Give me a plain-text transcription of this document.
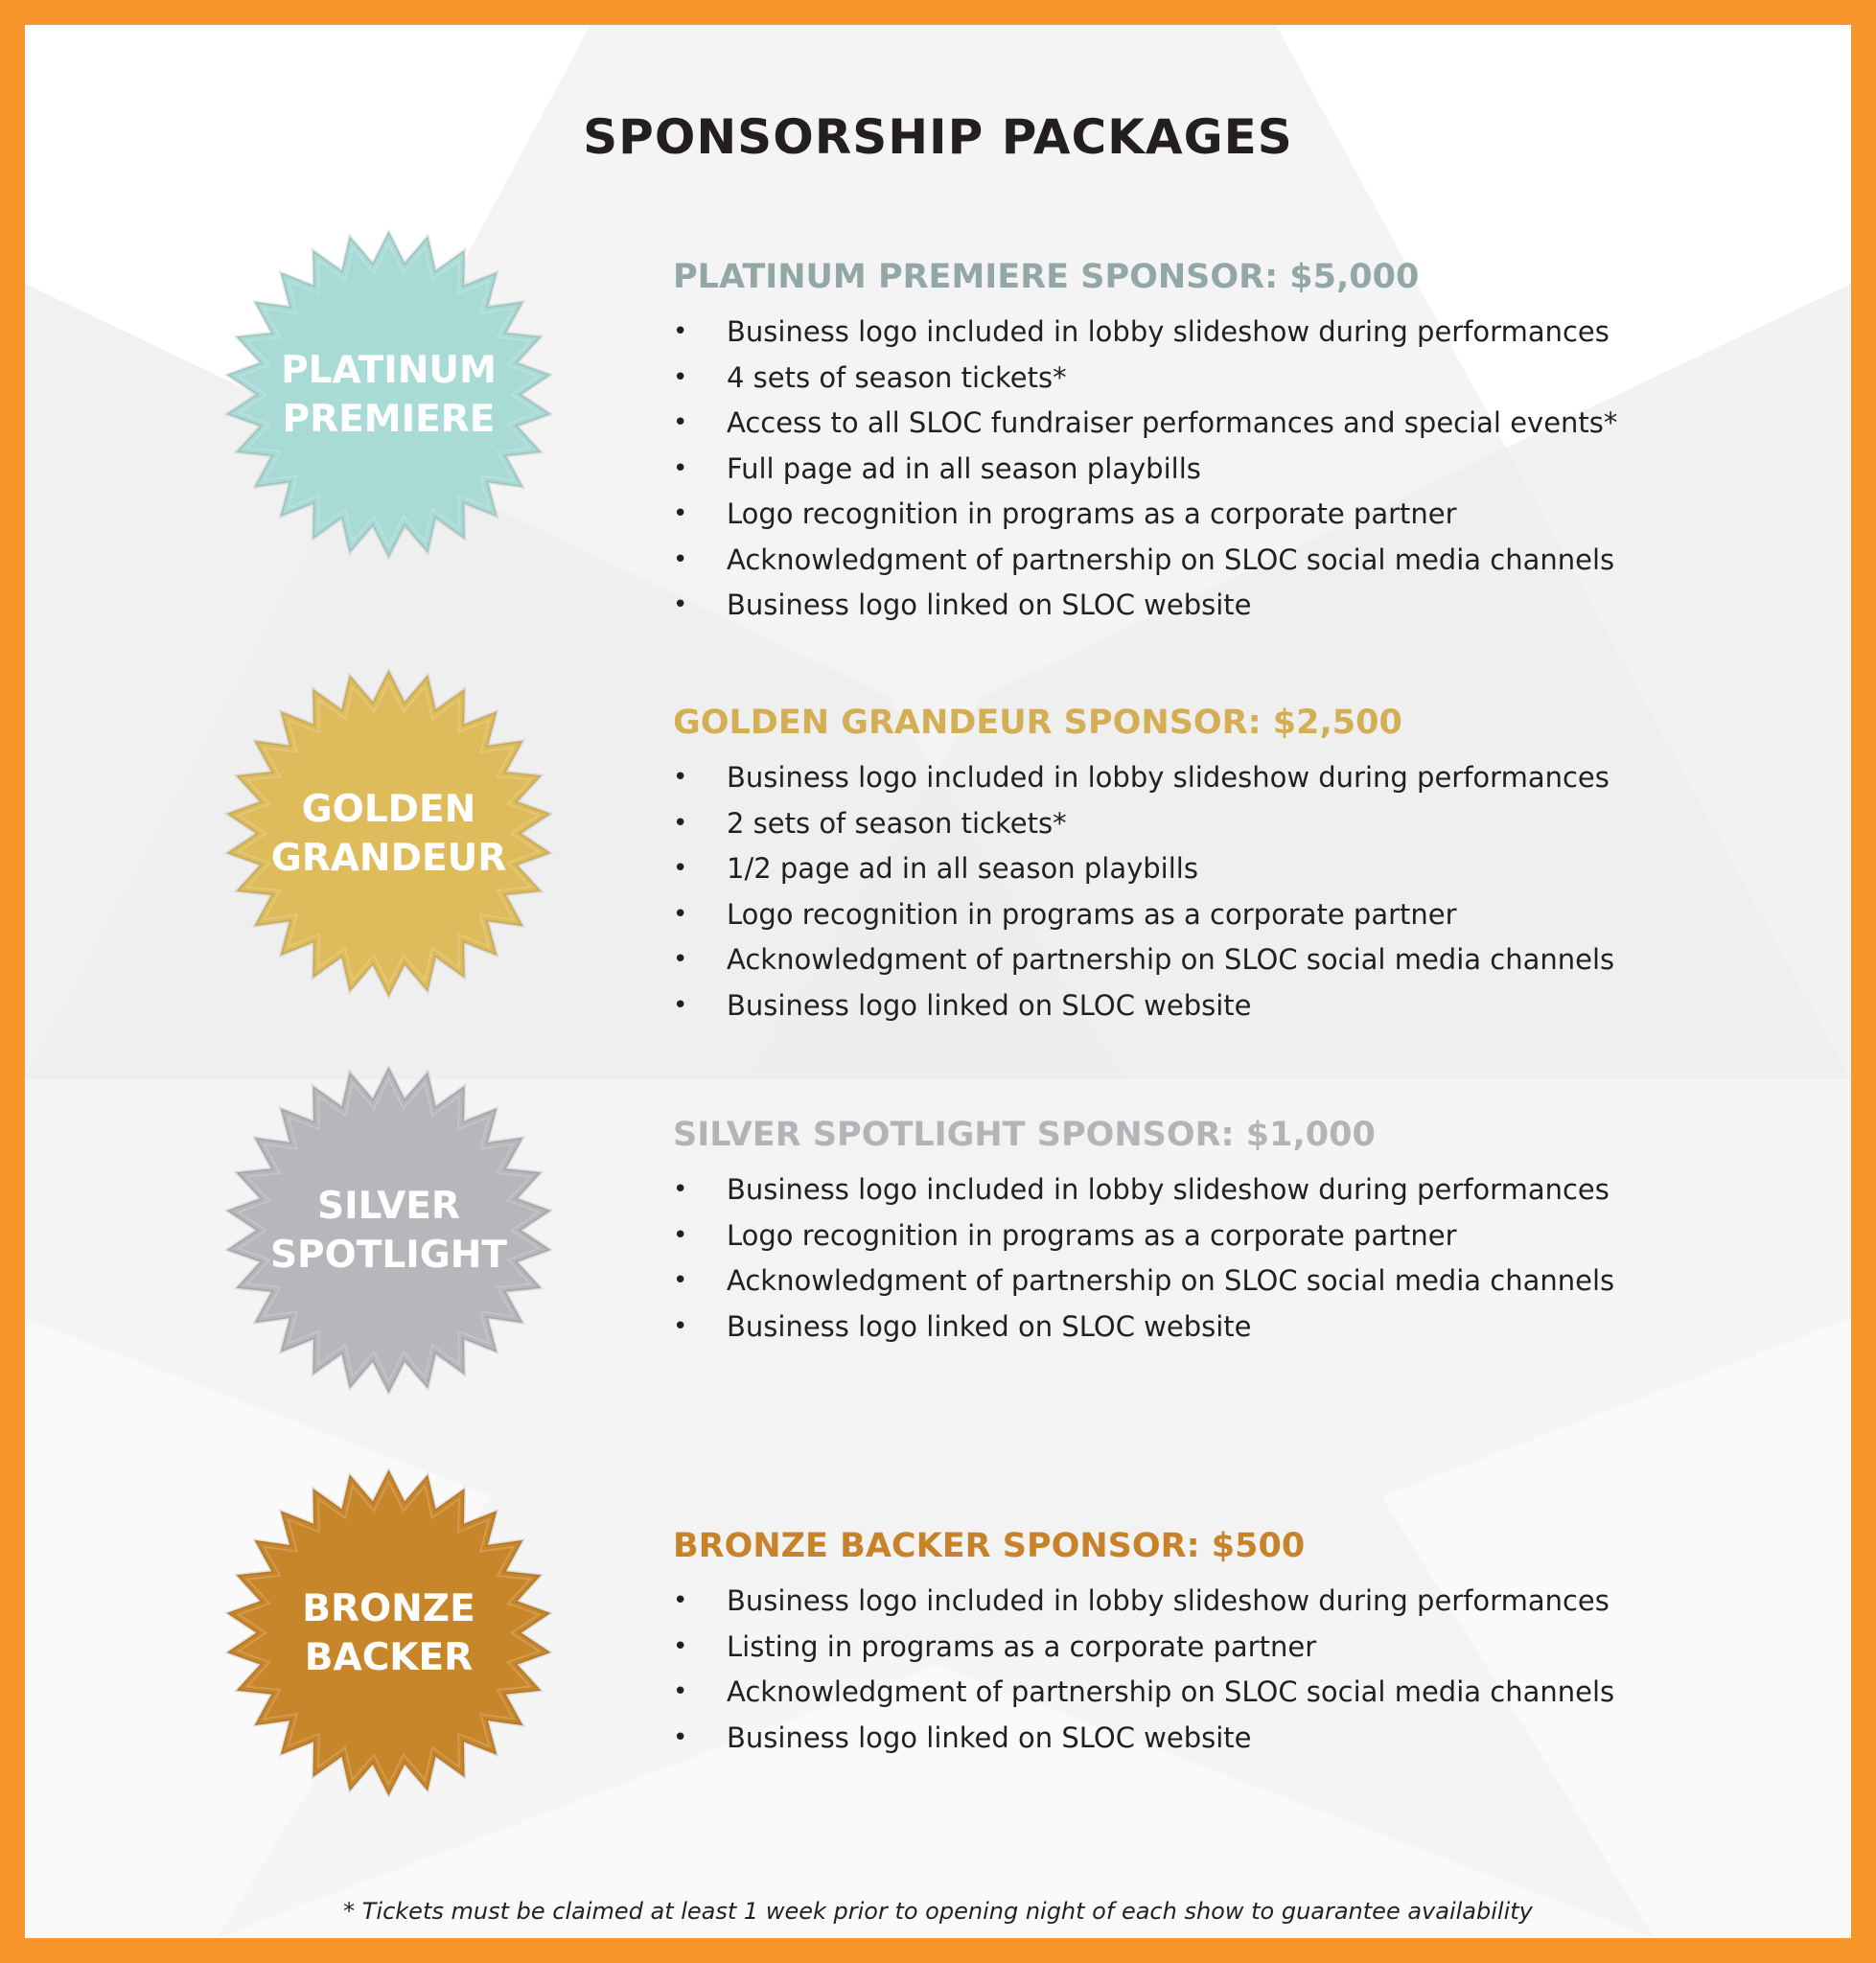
SPONSORSHIP PACKAGES
PLATINUM
PREMIERE
GOLDEN
GRANDEUR
SILVER
SPOTLIGHT
BRONZE
BACKER
PLATINUM PREMIERE SPONSOR: $5,000
• Business logo included in lobby slideshow during performances
• 4 sets of season tickets*
• Access to all SLOC fundraiser performances and special events*
• Full page ad in all season playbills
• Logo recognition in programs as a corporate partner
• Acknowledgment of partnership on SLOC social media channels
• Business logo linked on SLOC website
GOLDEN GRANDEUR SPONSOR: $2,500
• Business logo included in lobby slideshow during performances
• 2 sets of season tickets*
• 1/2 page ad in all season playbills
• Logo recognition in programs as a corporate partner
• Acknowledgment of partnership on SLOC social media channels
• Business logo linked on SLOC website
SILVER SPOTLIGHT SPONSOR: $1,000
• Business logo included in lobby slideshow during performances
• Logo recognition in programs as a corporate partner
• Acknowledgment of partnership on SLOC social media channels
• Business logo linked on SLOC website
BRONZE BACKER SPONSOR: $500
• Business logo included in lobby slideshow during performances
• Listing in programs as a corporate partner
• Acknowledgment of partnership on SLOC social media channels
• Business logo linked on SLOC website
* Tickets must be claimed at least 1 week prior to opening night of each show to guarantee availability
